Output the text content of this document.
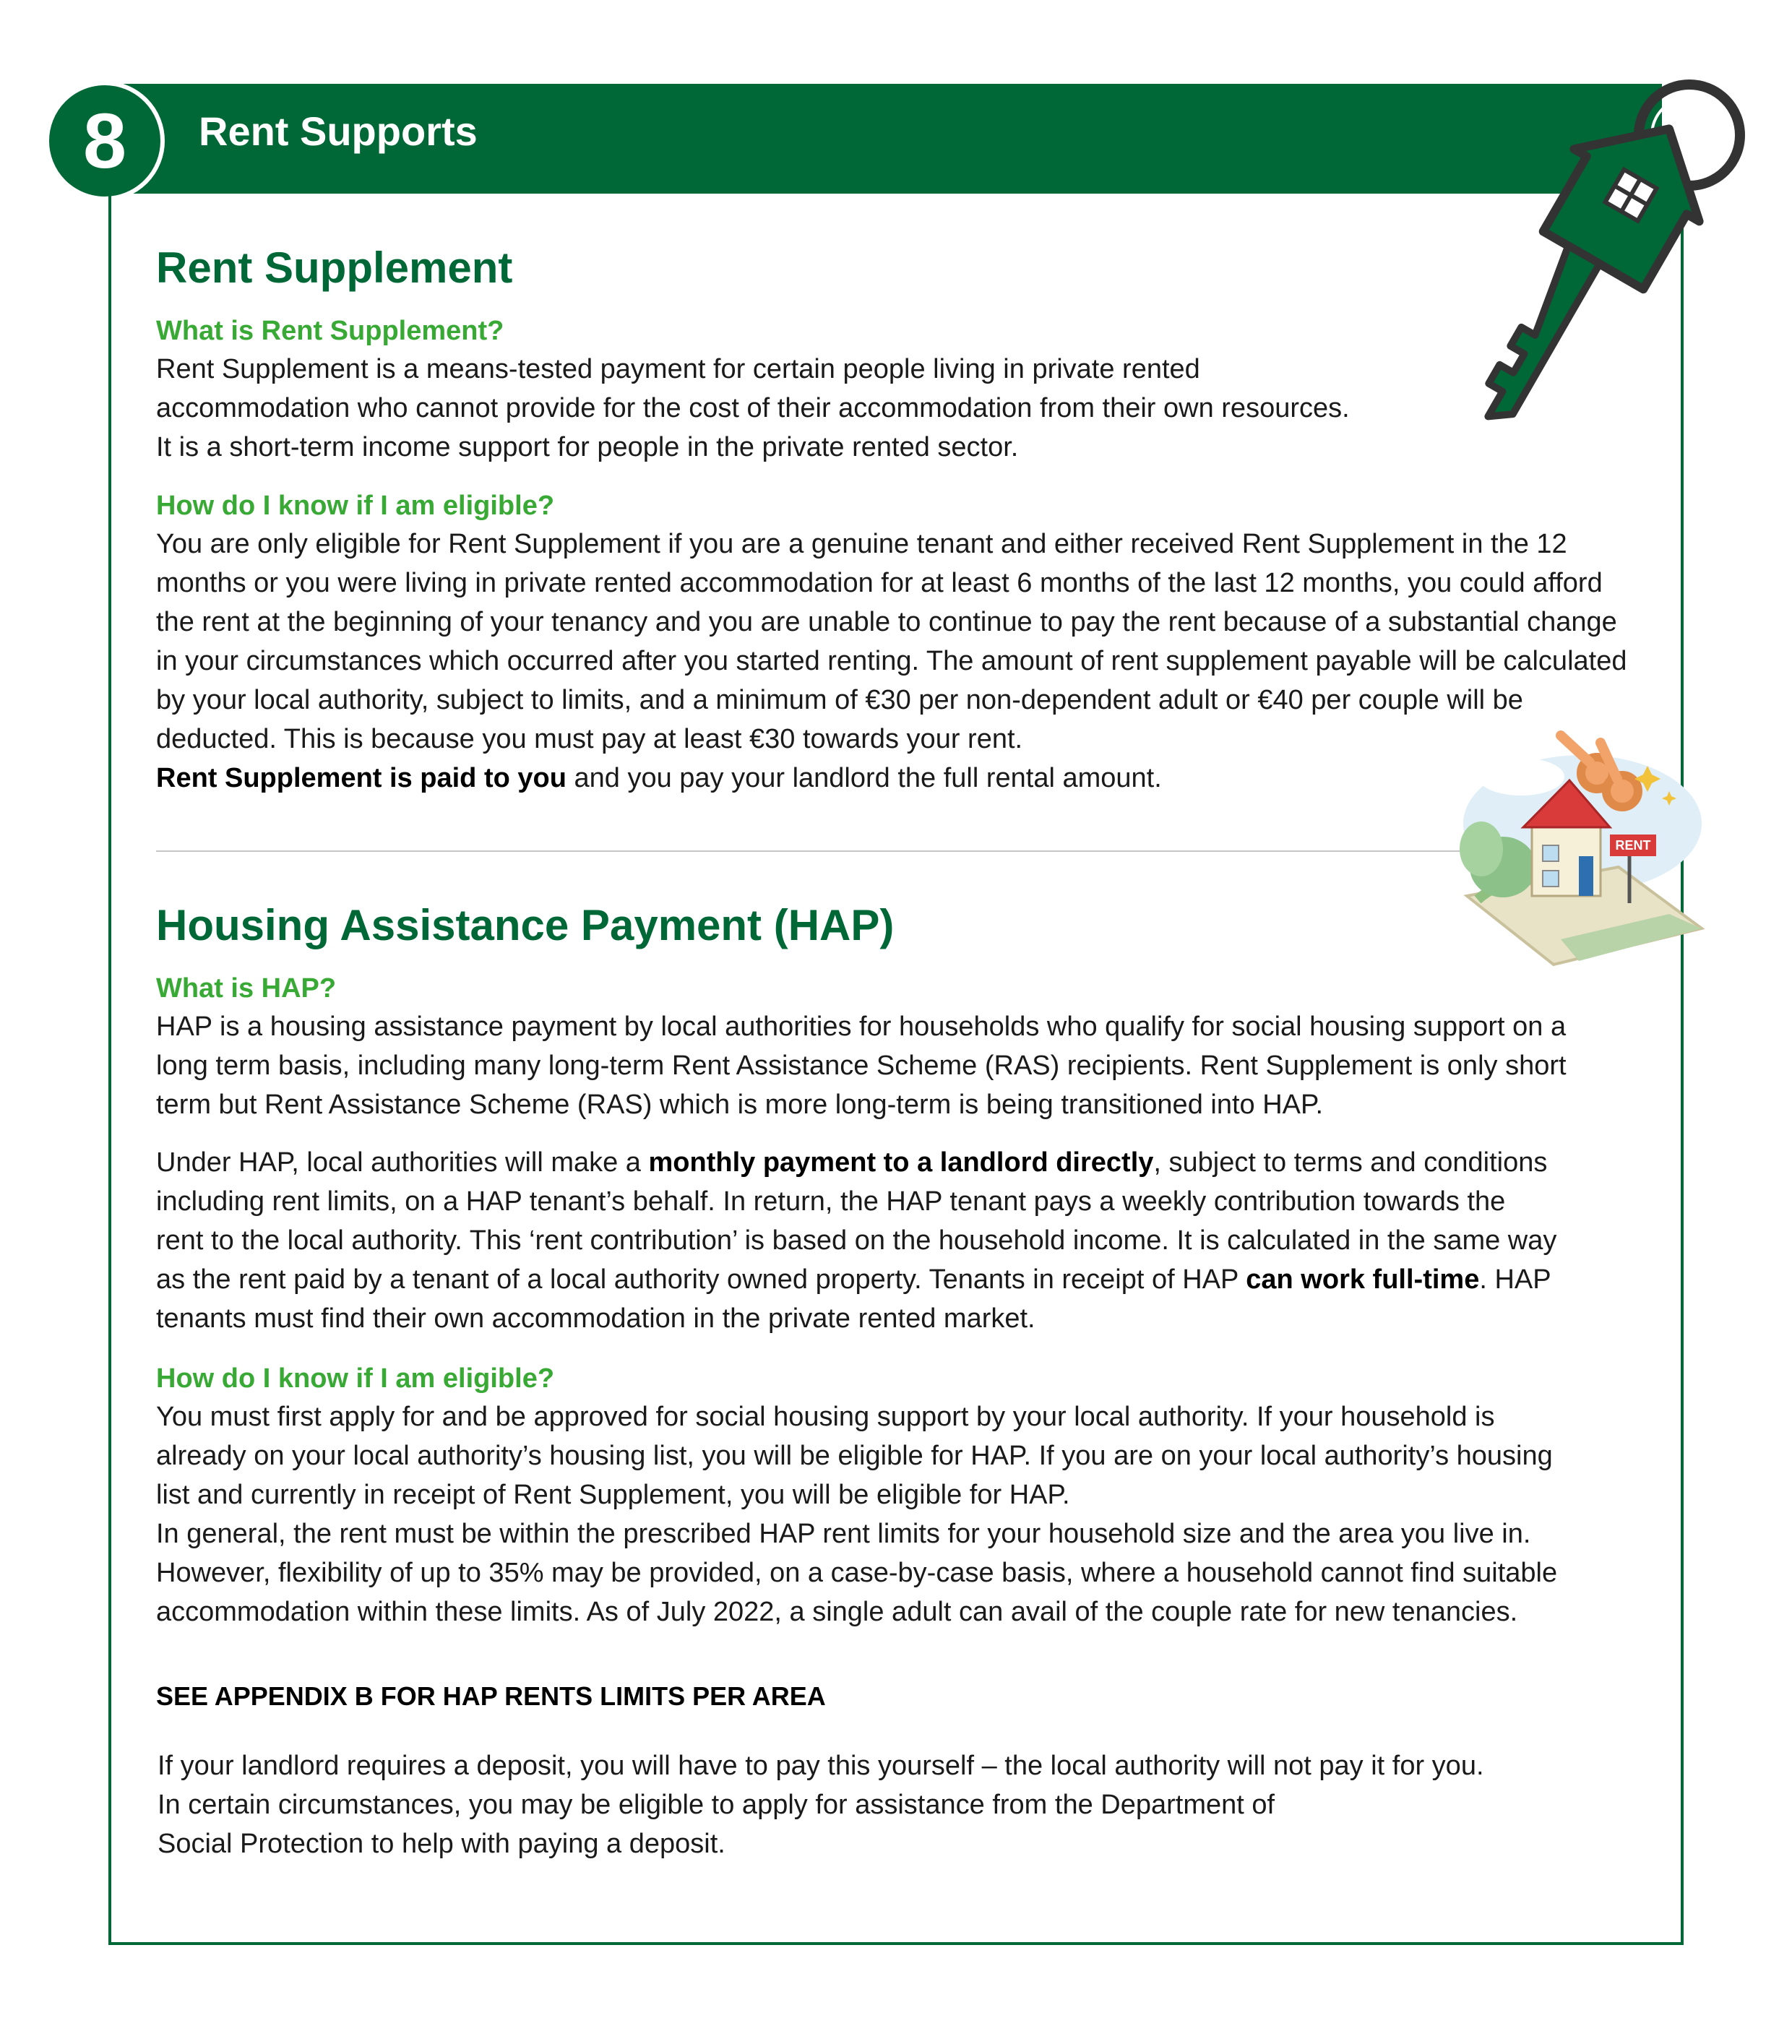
8 Rent Supports
Rent Supplement
What is Rent Supplement?

Rent Supplement is a means-tested payment for certain people living in private rented

accommodation who cannot provide for the cost of their accommodation from their own resources.

It is a short-term income support for people in the private rented sector.

How do I know if I am eligible?

You are only eligible for Rent Supplement if you are a genuine tenant and either received Rent Supplement in the 12

months or you were living in private rented accommodation for at least 6 months of the last 12 months, you could afford

the rent at the beginning of your tenancy and you are unable to continue to pay the rent because of a substantial change

in your circumstances which occurred after you started renting. The amount of rent supplement payable will be calculated

by your local authority, subject to limits, and a minimum of €30 per non-dependent adult or €40 per couple will be

deducted. This is because you must pay at least €30 towards your rent.

Rent Supplement is paid to you and you pay your landlord the full rental amount.

RENT
Housing Assistance Payment (HAP)
What is HAP?

HAP is a housing assistance payment by local authorities for households who qualify for social housing support on a

long term basis, including many long-term Rent Assistance Scheme (RAS) recipients. Rent Supplement is only short

term but Rent Assistance Scheme (RAS) which is more long-term is being transitioned into HAP.

Under HAP, local authorities will make a monthly payment to a landlord directly, subject to terms and conditions

including rent limits, on a HAP tenant’s behalf. In return, the HAP tenant pays a weekly contribution towards the

rent to the local authority. This ‘rent contribution’ is based on the household income. It is calculated in the same way

as the rent paid by a tenant of a local authority owned property. Tenants in receipt of HAP can work full-time. HAP

tenants must find their own accommodation in the private rented market.

How do I know if I am eligible?

You must first apply for and be approved for social housing support by your local authority. If your household is

already on your local authority’s housing list, you will be eligible for HAP. If you are on your local authority’s housing

list and currently in receipt of Rent Supplement, you will be eligible for HAP.

In general, the rent must be within the prescribed HAP rent limits for your household size and the area you live in.

However, flexibility of up to 35% may be provided, on a case-by-case basis, where a household cannot find suitable

accommodation within these limits. As of July 2022, a single adult can avail of the couple rate for new tenancies.

SEE APPENDIX B FOR HAP RENTS LIMITS PER AREA

If your landlord requires a deposit, you will have to pay this yourself – the local authority will not pay it for you.

In certain circumstances, you may be eligible to apply for assistance from the Department of

Social Protection to help with paying a deposit.
